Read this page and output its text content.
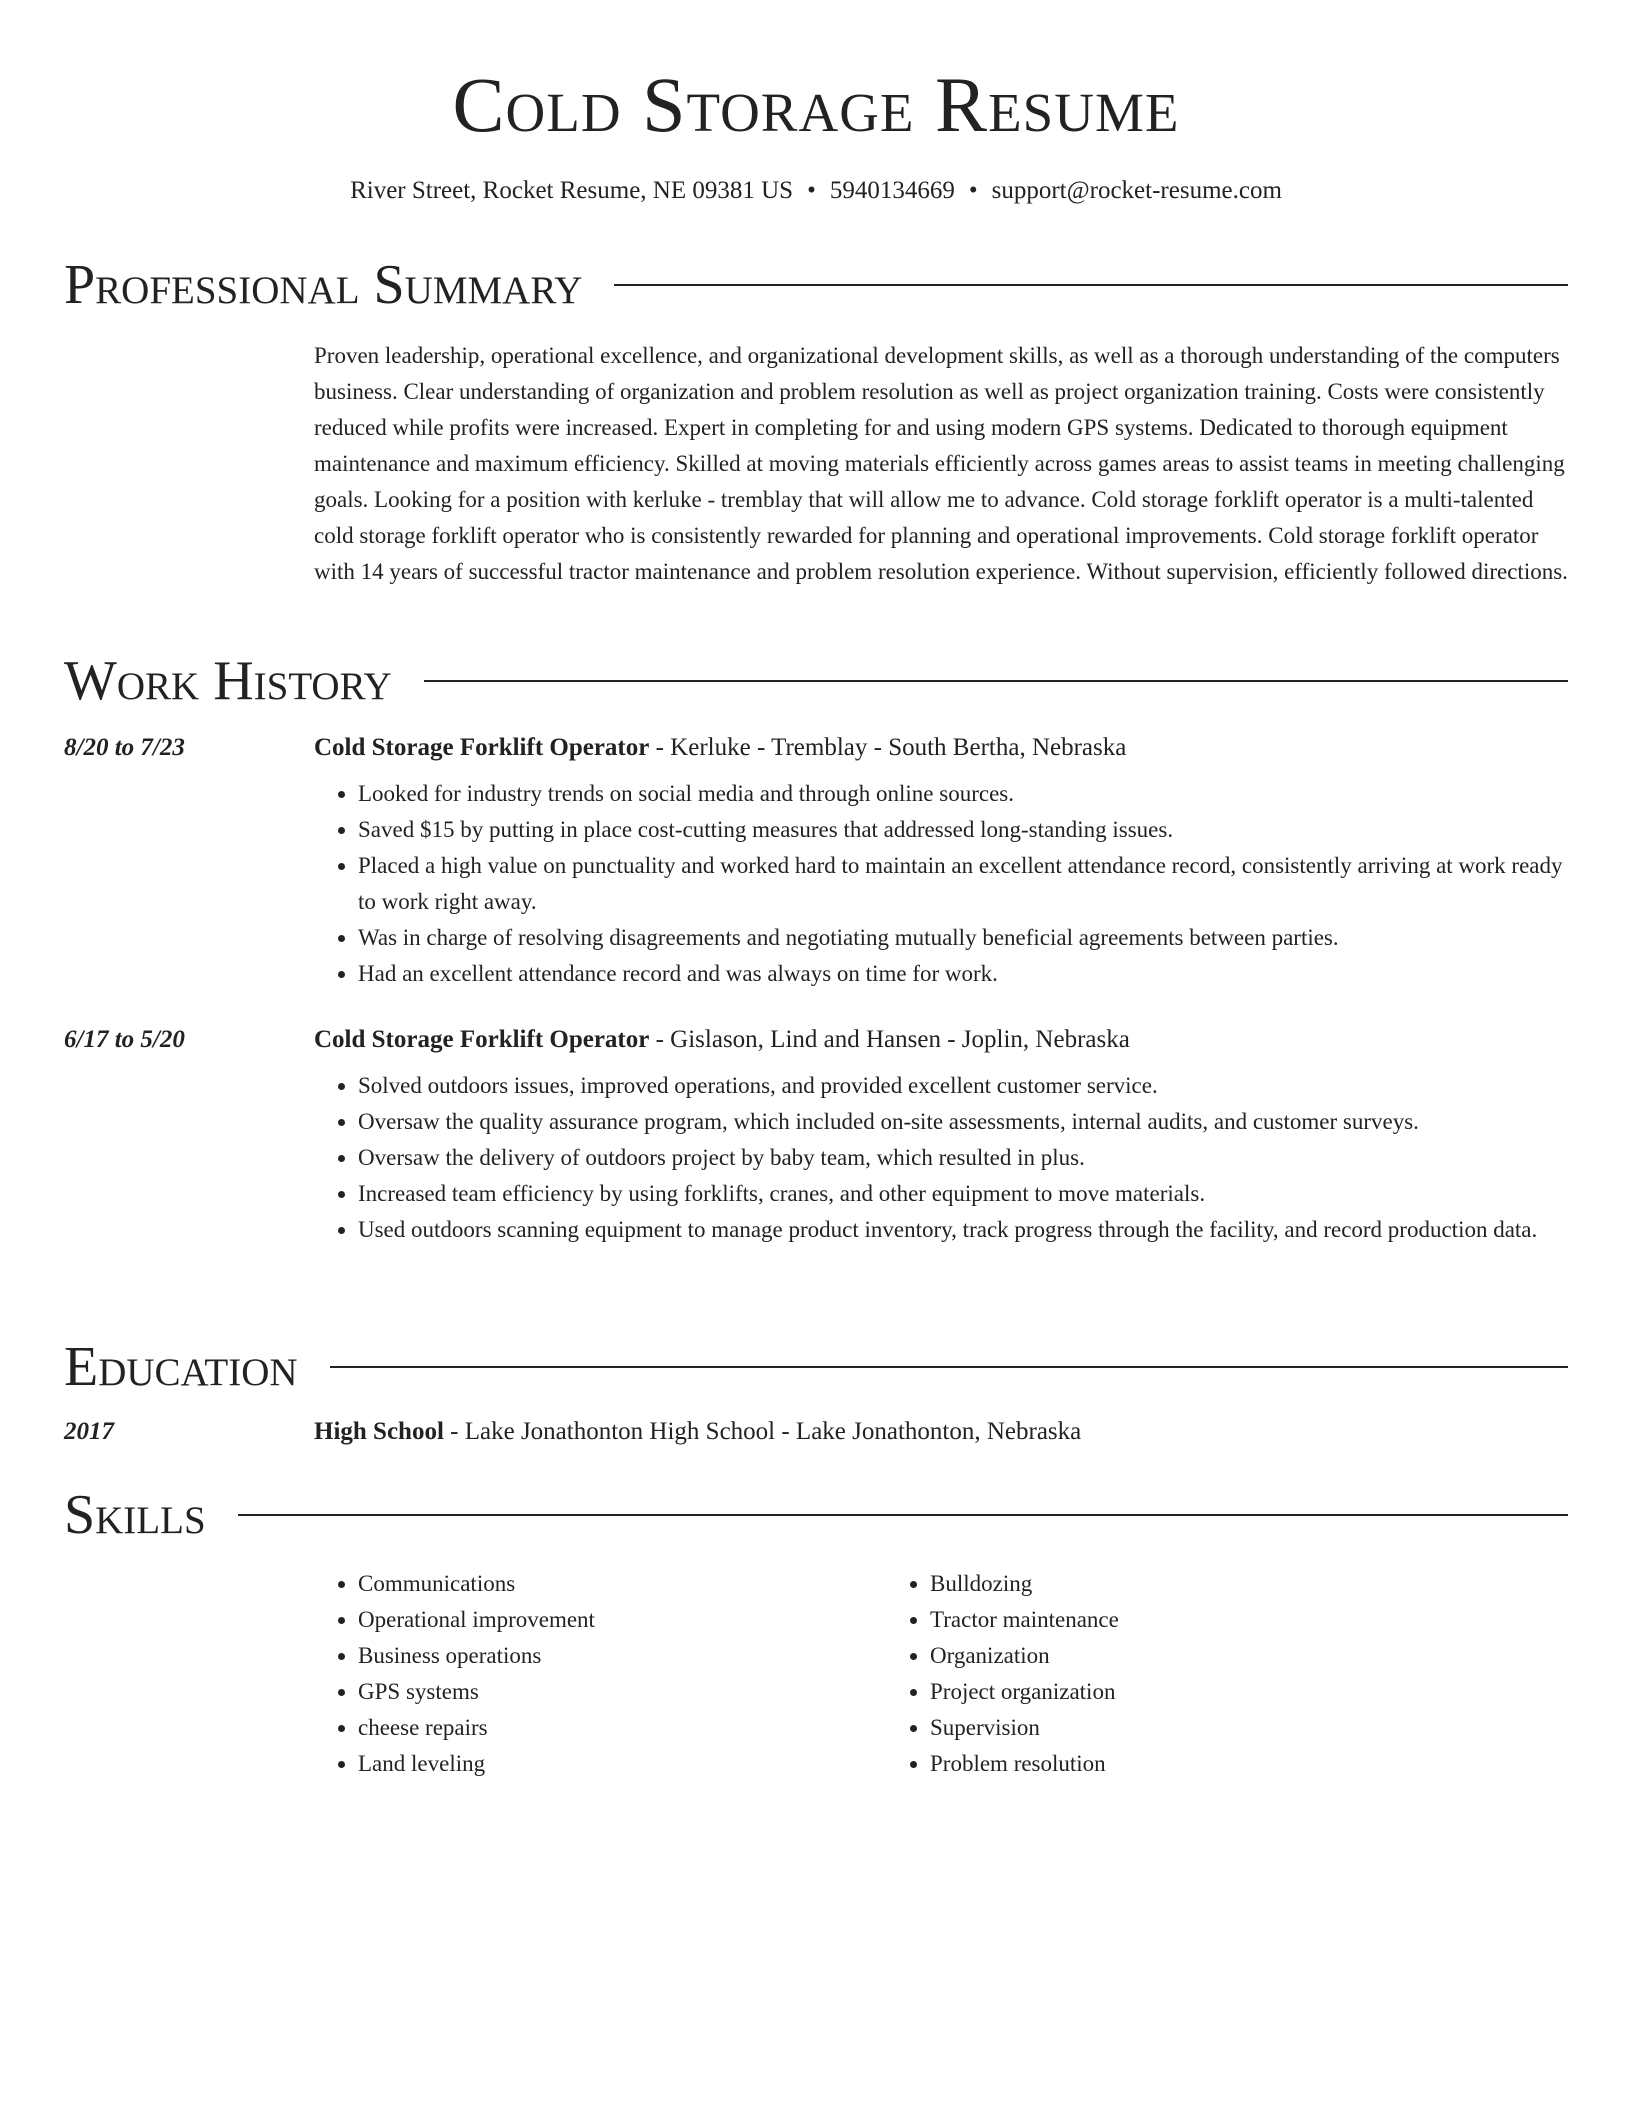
Cold Storage Resume

River Street, Rocket Resume, NE 09381 US • 5940134669 • support@rocket-resume.com

Professional Summary

Proven leadership, operational excellence, and organizational development skills, as well as a thorough understanding of the computers business. Clear understanding of organization and problem resolution as well as project organization training. Costs were consistently reduced while profits were increased. Expert in completing for and using modern GPS systems. Dedicated to thorough equipment maintenance and maximum efficiency. Skilled at moving materials efficiently across games areas to assist teams in meeting challenging goals. Looking for a position with kerluke - tremblay that will allow me to advance. Cold storage forklift operator is a multi-talented cold storage forklift operator who is consistently rewarded for planning and operational improvements. Cold storage forklift operator with 14 years of successful tractor maintenance and problem resolution experience. Without supervision, efficiently followed directions.

Work History
8/20 to 7/23	Cold Storage Forklift Operator - Kerluke - Tremblay - South Bertha, Nebraska
• Looked for industry trends on social media and through online sources.
• Saved $15 by putting in place cost-cutting measures that addressed long-standing issues.
• Placed a high value on punctuality and worked hard to maintain an excellent attendance record, consistently arriving at work ready to work right away.
• Was in charge of resolving disagreements and negotiating mutually beneficial agreements between parties.
• Had an excellent attendance record and was always on time for work.
6/17 to 5/20	Cold Storage Forklift Operator - Gislason, Lind and Hansen - Joplin, Nebraska
• Solved outdoors issues, improved operations, and provided excellent customer service.
• Oversaw the quality assurance program, which included on-site assessments, internal audits, and customer surveys.
• Oversaw the delivery of outdoors project by baby team, which resulted in plus.
• Increased team efficiency by using forklifts, cranes, and other equipment to move materials.
• Used outdoors scanning equipment to manage product inventory, track progress through the facility, and record production data.
Education
2017	High School - Lake Jonathonton High School - Lake Jonathonton, Nebraska
Skills
• Communications
• Operational improvement
• Business operations
• GPS systems
• cheese repairs
• Land leveling
• Bulldozing
• Tractor maintenance
• Organization
• Project organization
• Supervision
• Problem resolution
